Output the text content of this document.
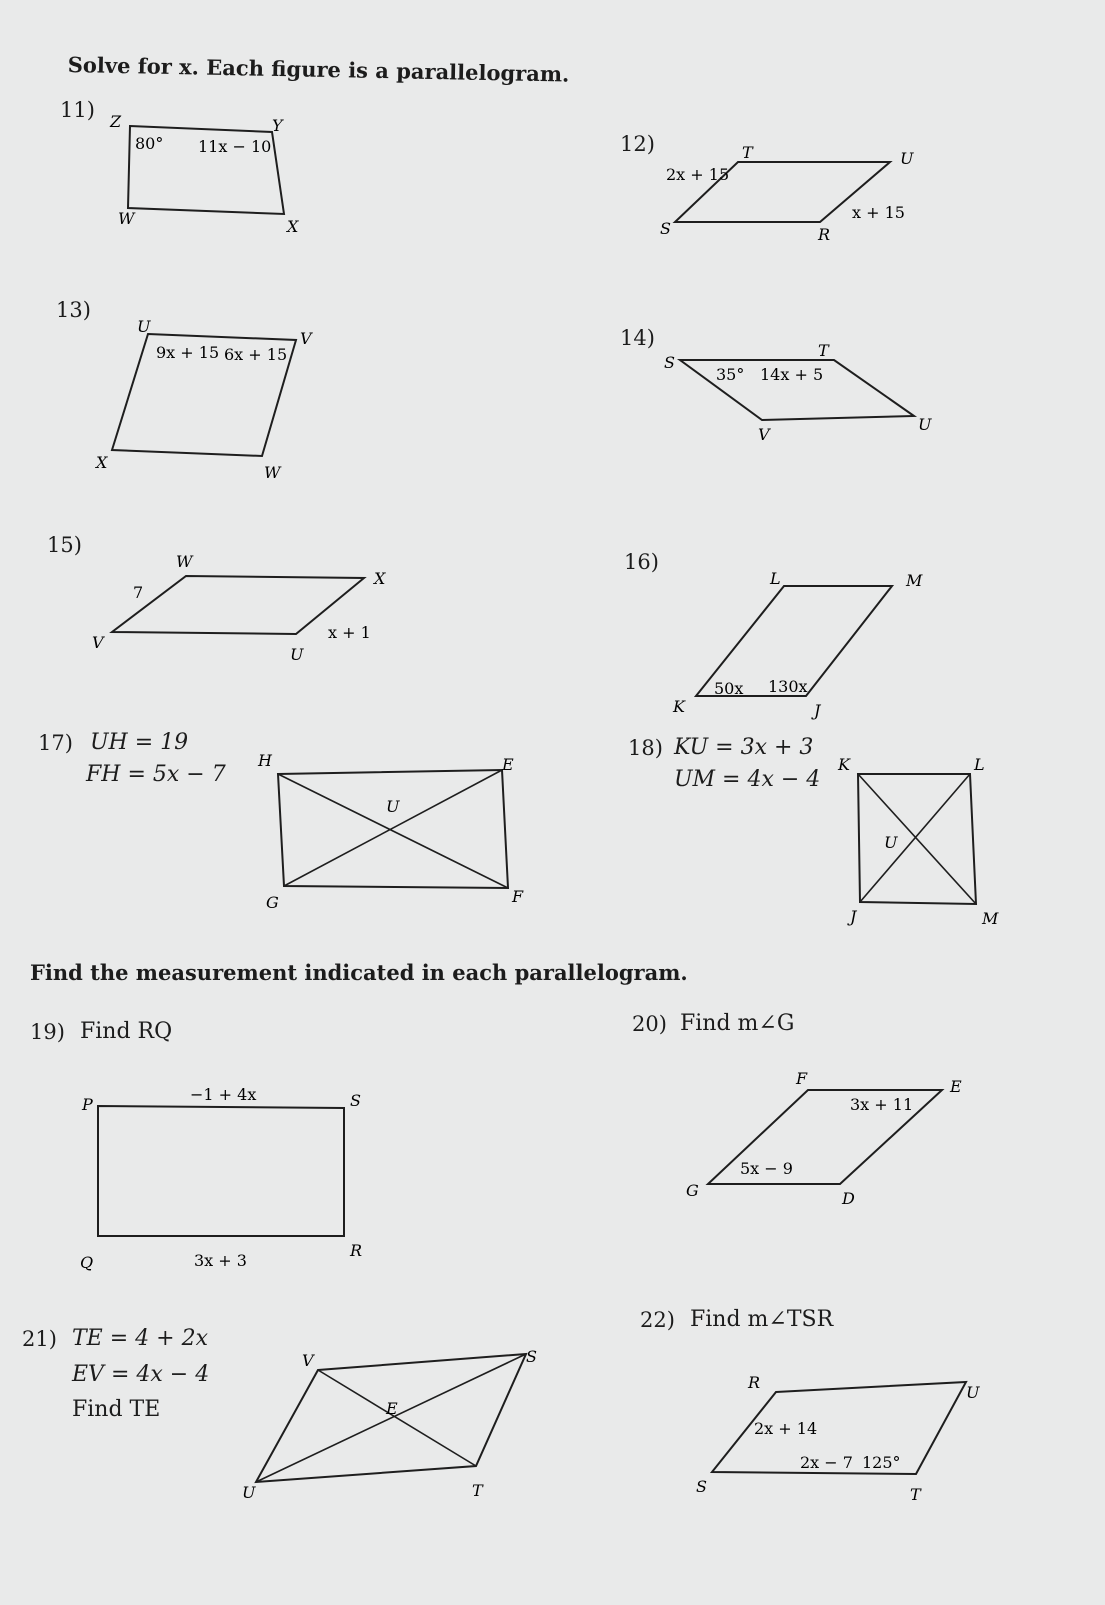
Solve for x. Each figure is a parallelogram.
Find the measurement indicated in each parallelogram.
11)
12)
13)
14)
15)
16)
17) UH = 19
FH = 5x − 7
18) KU = 3x + 3
UM = 4x − 4
19) Find RQ	20) Find m∠G
21) TE = 4 + 2x
EV = 4x − 4
Find TE
22) Find m∠TSR
Z	Y
W	X
80° 11x − 10	T	U
S	R
2x + 15
x + 15
U
V
X
W
9x + 15 6x + 15	S
T
V
U
35° 14x + 5
W
X
V
U
7
x + 1
L	M
K	J
50x 130x
H	E
U
G	F
K	L
U
J	M
P	S
Q
R
−1 + 4x
3x + 3
F	E
G	D
3x + 11
5x − 9
V	S
E
U	T
R
U
S	T
2x + 14
2x − 7 125°
